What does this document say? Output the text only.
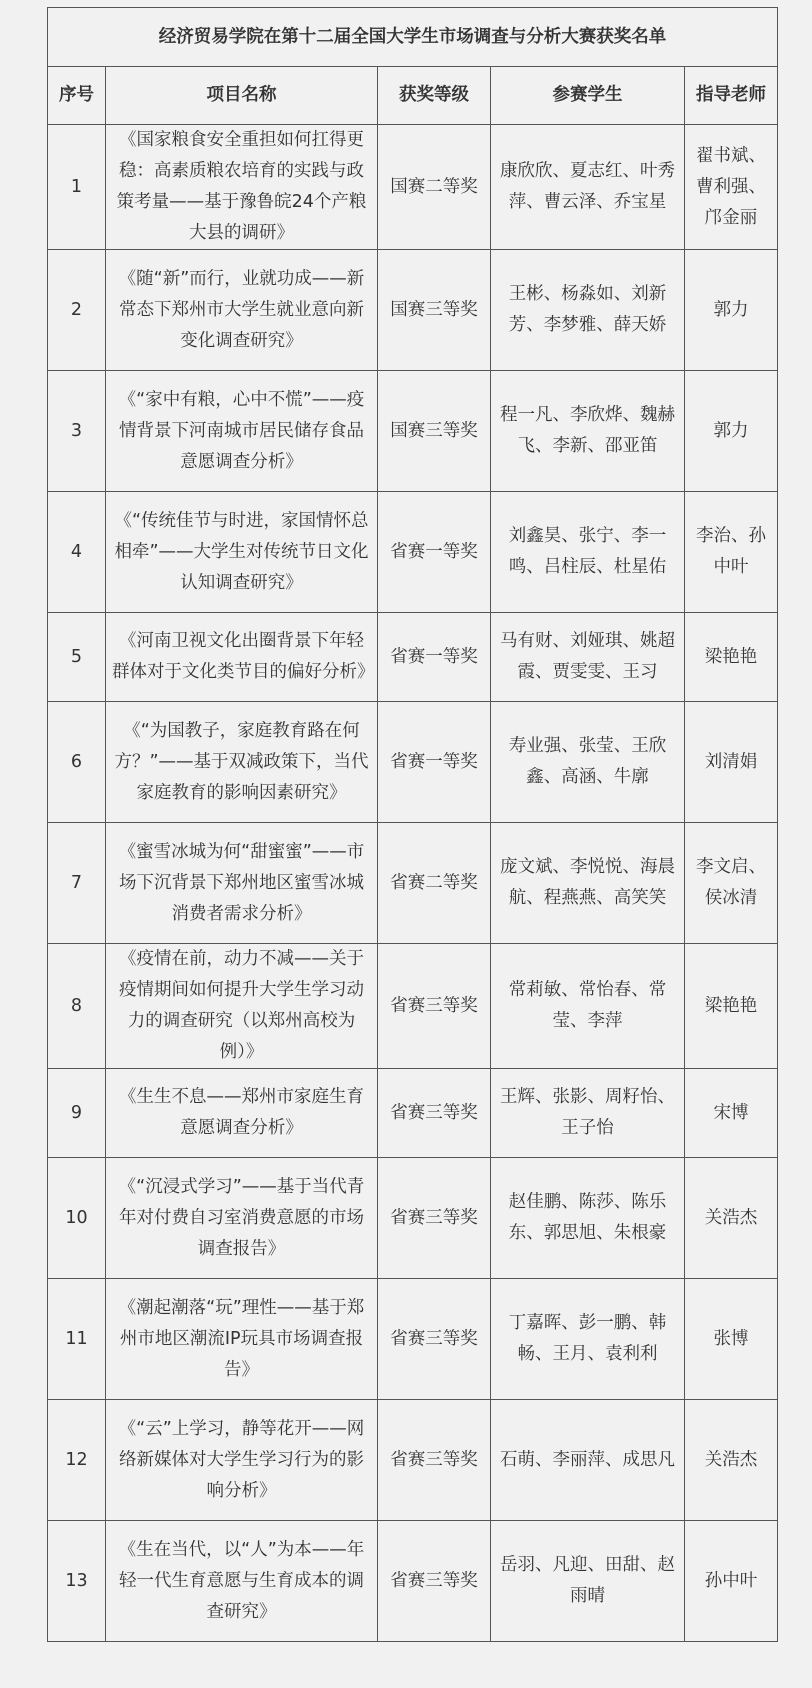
经济贸易学院在第十二届全国大学生市场调查与分析大赛获奖名单				
序号	项目名称	获奖等级	参赛学生	指导老师
1	《国家粮食安全重担如何扛得更稳：高素质粮农培育的实践与政策考量——基于豫鲁皖24个产粮大县的调研》	国赛二等奖	康欣欣、夏志红、叶秀萍、曹云泽、乔宝星	翟书斌、曹利强、邝金丽
2	《随“新”而行，业就功成——新常态下郑州市大学生就业意向新变化调查研究》	国赛三等奖	王彬、杨淼如、刘新芳、李梦雅、薛天娇	郭力
3	《“家中有粮，心中不慌”——疫情背景下河南城市居民储存食品意愿调查分析》	国赛三等奖	程一凡、李欣烨、魏赫飞、李新、邵亚笛	郭力
4	《“传统佳节与时进，家国情怀总相牵”——大学生对传统节日文化认知调查研究》	省赛一等奖	刘鑫昊、张宁、李一鸣、吕柱辰、杜星佑	李治、孙中叶
5	《河南卫视文化出圈背景下年轻群体对于文化类节目的偏好分析》	省赛一等奖	马有财、刘娅琪、姚超霞、贾雯雯、王习	梁艳艳
6	《“为国教子，家庭教育路在何方？”——基于双减政策下，当代家庭教育的影响因素研究》	省赛一等奖	寿业强、张莹、王欣鑫、高涵、牛廓	刘清娟
7	《蜜雪冰城为何“甜蜜蜜”——市场下沉背景下郑州地区蜜雪冰城消费者需求分析》	省赛二等奖	庞文斌、李悦悦、海晨航、程燕燕、高笑笑	李文启、侯冰清
8	《疫情在前，动力不减——关于疫情期间如何提升大学生学习动力的调查研究（以郑州高校为例）》	省赛三等奖	常莉敏、常怡春、常莹、李萍	梁艳艳
9	《生生不息——郑州市家庭生育意愿调查分析》	省赛三等奖	王辉、张影、周籽怡、王子怡	宋博
10	《“沉浸式学习”——基于当代青年对付费自习室消费意愿的市场调查报告》	省赛三等奖	赵佳鹏、陈莎、陈乐东、郭思旭、朱根豪	关浩杰
11	《潮起潮落“玩”理性——基于郑州市地区潮流IP玩具市场调查报告》	省赛三等奖	丁嘉晖、彭一鹏、韩畅、王月、袁利利	张博
12	《“云”上学习，静等花开——网络新媒体对大学生学习行为的影响分析》	省赛三等奖	石萌、李丽萍、成思凡	关浩杰
13	《生在当代，以“人”为本——年轻一代生育意愿与生育成本的调查研究》	省赛三等奖	岳羽、凡迎、田甜、赵雨晴	孙中叶
